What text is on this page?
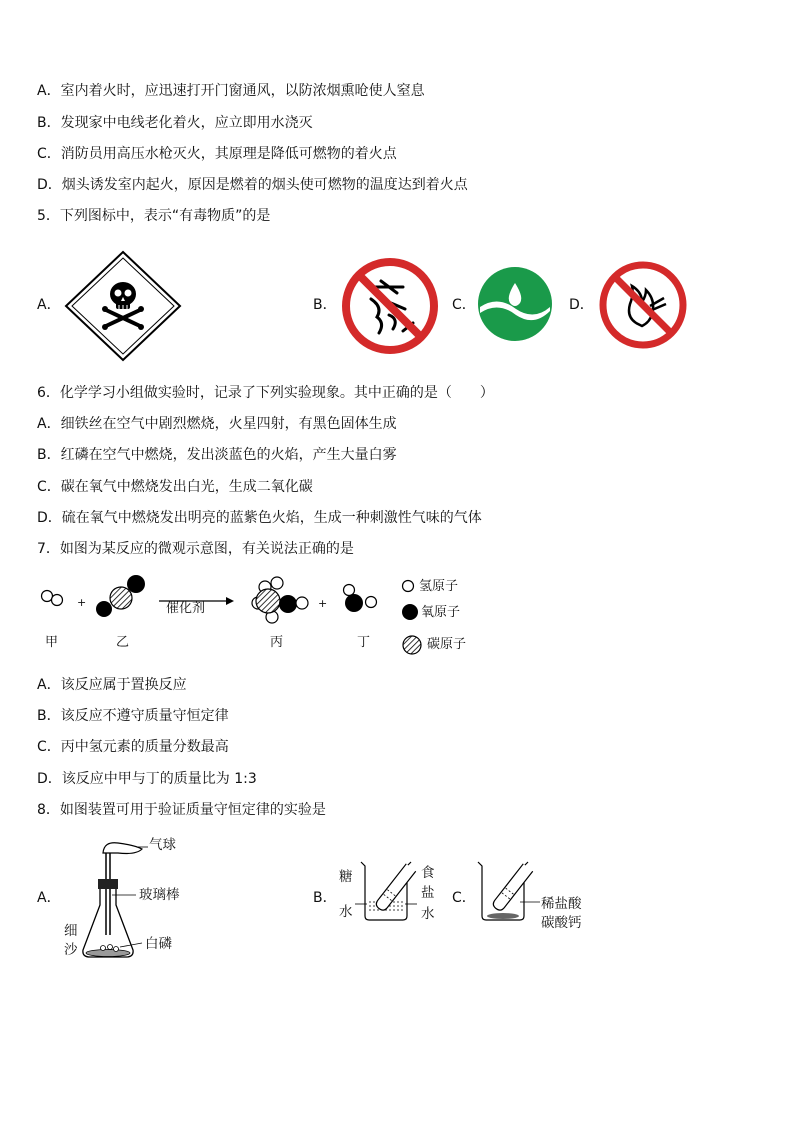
A．室内着火时，应迅速打开门窗通风，以防浓烟熏呛使人窒息
B．发现家中电线老化着火，应立即用水浇灭
C．消防员用高压水枪灭火，其原理是降低可燃物的着火点
D．烟头诱发室内起火，原因是燃着的烟头使可燃物的温度达到着火点
5．下列图标中，表示“有毒物质”的是
A．	B．	C．	D．
6．化学学习小组做实验时，记录了下列实验现象。其中正确的是（　　）
A．细铁丝在空气中剧烈燃烧，火星四射，有黑色固体生成
B．红磷在空气中燃烧，发出淡蓝色的火焰，产生大量白雾
C．碳在氧气中燃烧发出白光，生成二氧化碳
D．硫在氧气中燃烧发出明亮的蓝紫色火焰，生成一种刺激性气味的气体
7．如图为某反应的微观示意图，有关说法正确的是
+	+
催化剂
甲	乙	丙	丁
氢原子
氧原子
碳原子
A．该反应属于置换反应
B．该反应不遵守质量守恒定律
C．丙中氢元素的质量分数最高
D．该反应中甲与丁的质量比为 1:3
8．如图装置可用于验证质量守恒定律的实验是
A．
气球
玻璃棒
白磷
细
沙
B．
糖
水
食
盐
水
C．	稀盐酸
碳酸钙
